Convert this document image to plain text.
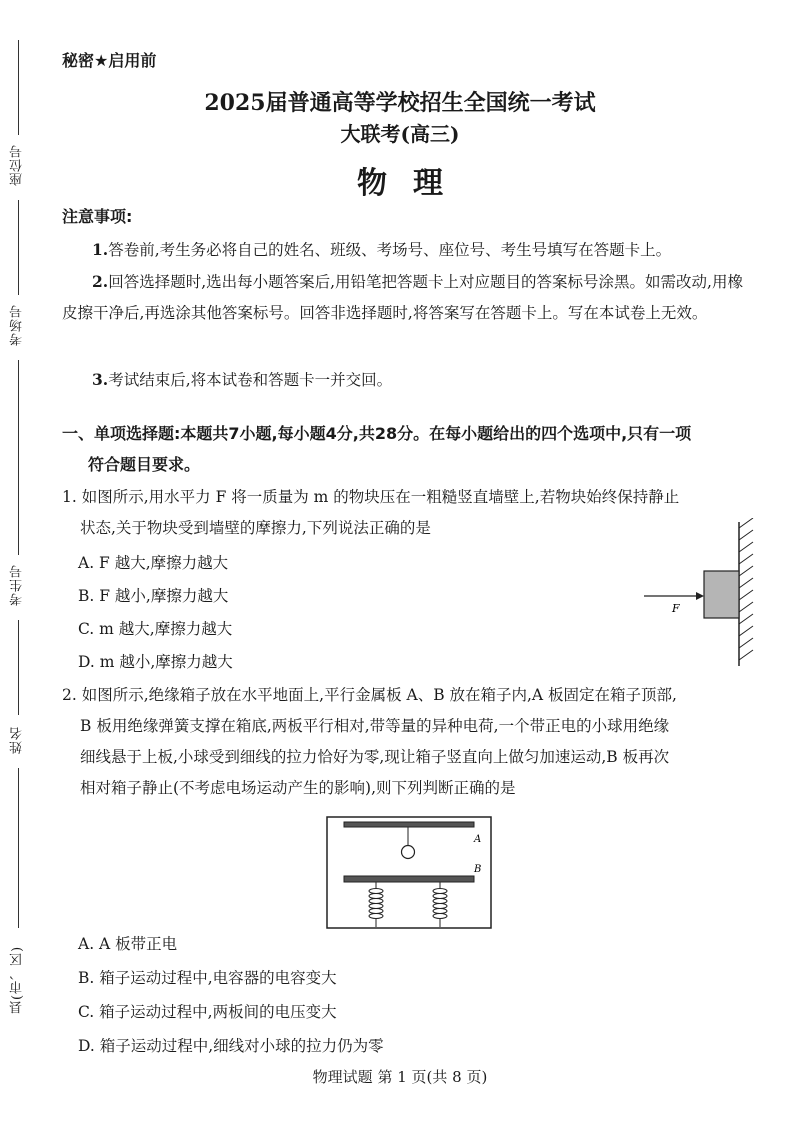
座位号
考场号
考生号
姓名
县(市、区)
秘密★启用前
2025届普通高等学校招生全国统一考试
大联考(高三)
物理
注意事项:
1.答卷前,考生务必将自己的姓名、班级、考场号、座位号、考生号填写在答题卡上。
2.回答选择题时,选出每小题答案后,用铅笔把答题卡上对应题目的答案标号涂黑。如需改动,用橡皮擦干净后,再选涂其他答案标号。回答非选择题时,将答案写在答题卡上。写在本试卷上无效。
3.考试结束后,将本试卷和答题卡一并交回。
一、单项选择题:本题共7小题,每小题4分,共28分。在每小题给出的四个选项中,只有一项
符合题目要求。
1. 如图所示,用水平力 F 将一质量为 m 的物块压在一粗糙竖直墙壁上,若物块始终保持静止
状态,关于物块受到墙壁的摩擦力,下列说法正确的是
A. F 越大,摩擦力越大
B. F 越小,摩擦力越大
C. m 越大,摩擦力越大
D. m 越小,摩擦力越大
F
2. 如图所示,绝缘箱子放在水平地面上,平行金属板 A、B 放在箱子内,A 板固定在箱子顶部,
B 板用绝缘弹簧支撑在箱底,两板平行相对,带等量的异种电荷,一个带正电的小球用绝缘
细线悬于上板,小球受到细线的拉力恰好为零,现让箱子竖直向上做匀加速运动,B 板再次
相对箱子静止(不考虑电场运动产生的影响),则下列判断正确的是
A
B
A. A 板带正电
B. 箱子运动过程中,电容器的电容变大
C. 箱子运动过程中,两板间的电压变大
D. 箱子运动过程中,细线对小球的拉力仍为零
物理试题 第 1 页(共 8 页)
